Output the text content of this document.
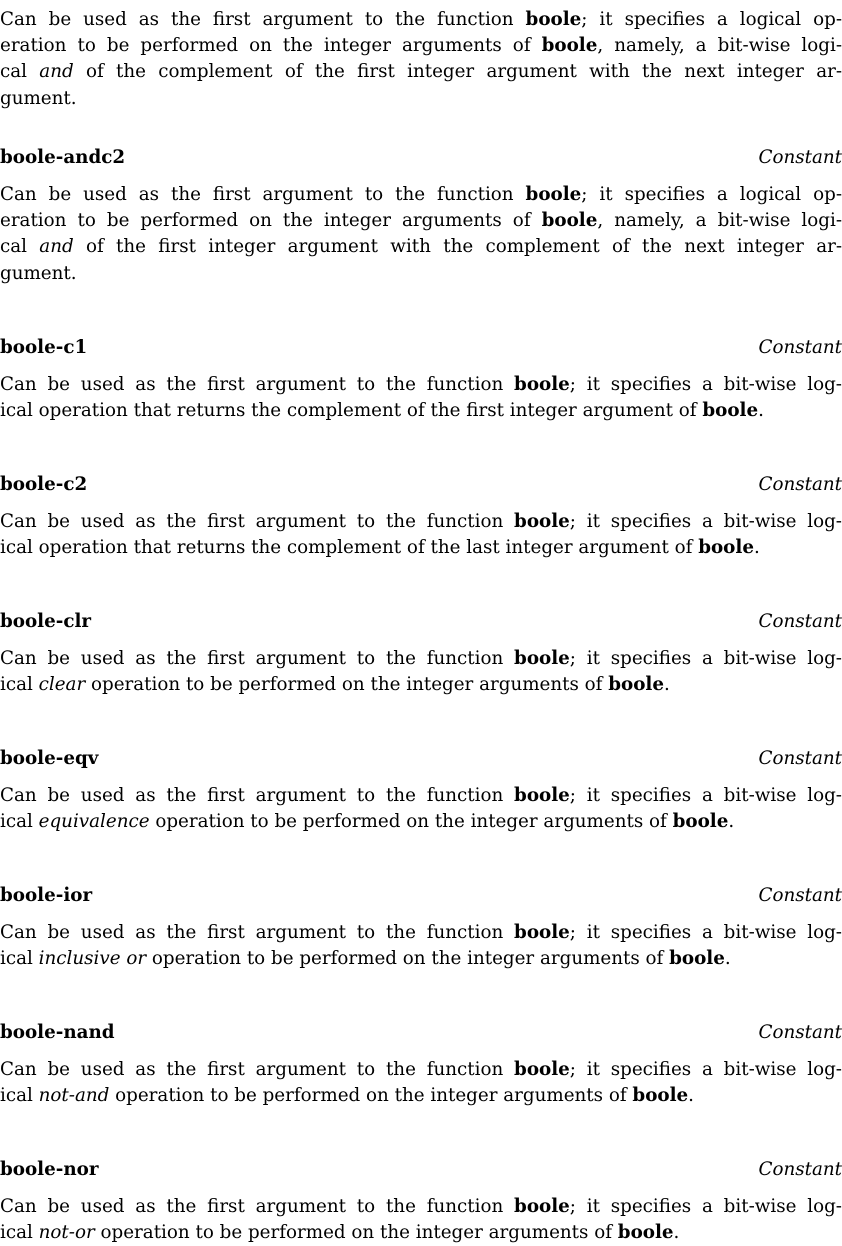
Can be used as the first argument to the function boole; it specifies a logical op-
eration to be performed on the integer arguments of boole, namely, a bit-wise logi-
cal and of the complement of the first integer argument with the next integer ar-
gument.

boole-andc2	Constant

Can be used as the first argument to the function boole; it specifies a logical op-
eration to be performed on the integer arguments of boole, namely, a bit-wise logi-
cal and of the first integer argument with the complement of the next integer ar-
gument.

boole-c1	Constant

Can be used as the first argument to the function boole; it specifies a bit-wise log-
ical operation that returns the complement of the first integer argument of boole.

boole-c2	Constant

Can be used as the first argument to the function boole; it specifies a bit-wise log-
ical operation that returns the complement of the last integer argument of boole.

boole-clr	Constant

Can be used as the first argument to the function boole; it specifies a bit-wise log-
ical clear operation to be performed on the integer arguments of boole.

boole-eqv	Constant

Can be used as the first argument to the function boole; it specifies a bit-wise log-
ical equivalence operation to be performed on the integer arguments of boole.

boole-ior	Constant

Can be used as the first argument to the function boole; it specifies a bit-wise log-
ical inclusive or operation to be performed on the integer arguments of boole.

boole-nand	Constant

Can be used as the first argument to the function boole; it specifies a bit-wise log-
ical not-and operation to be performed on the integer arguments of boole.

boole-nor	Constant

Can be used as the first argument to the function boole; it specifies a bit-wise log-
ical not-or operation to be performed on the integer arguments of boole.
